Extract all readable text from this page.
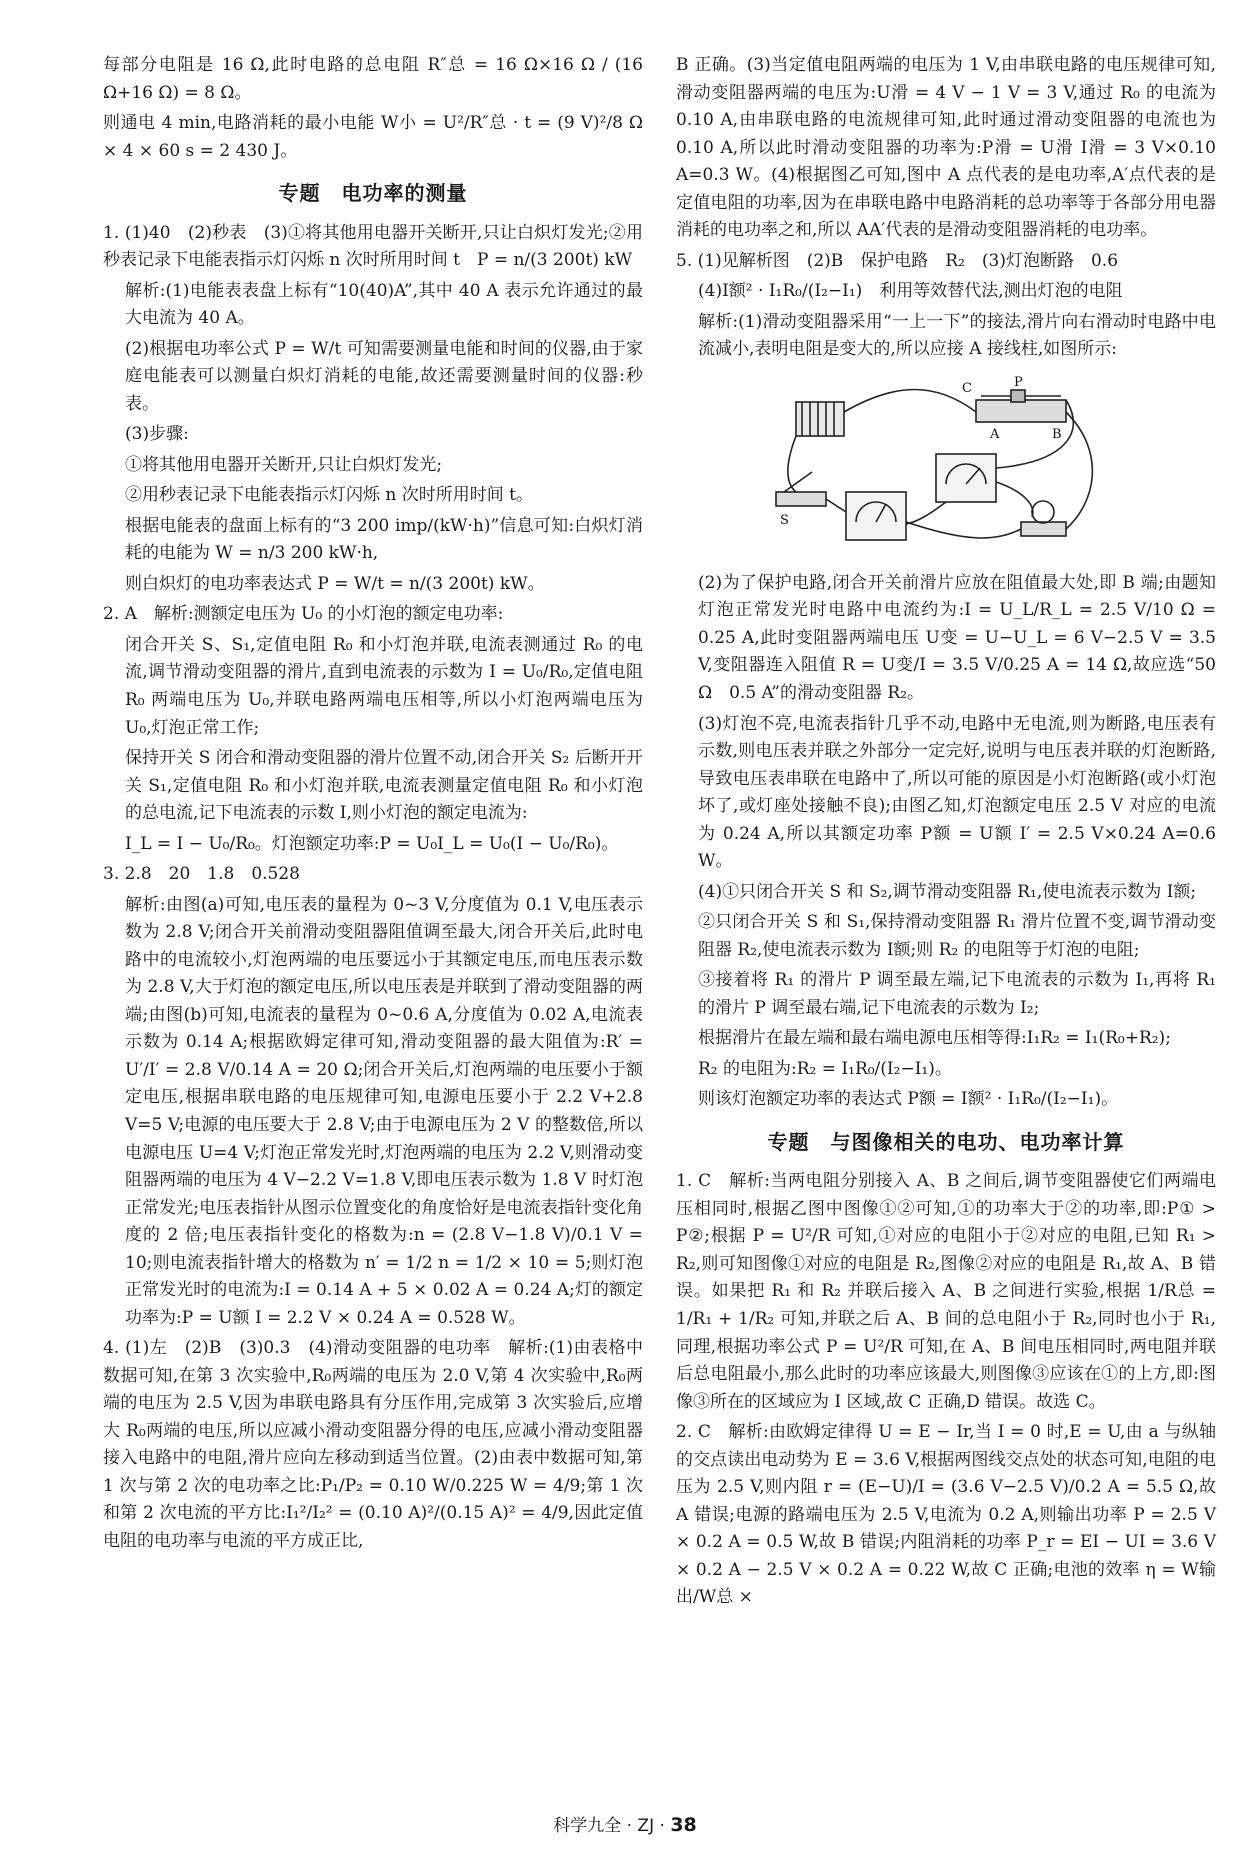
每部分电阻是 16 Ω,此时电路的总电阻 R″总 = 16 Ω×16 Ω / (16 Ω+16 Ω) = 8 Ω。

则通电 4 min,电路消耗的最小电能 W小 = U²/R″总 · t = (9 V)²/8 Ω × 4 × 60 s = 2 430 J。

专题　电功率的测量

1. (1)40　(2)秒表　(3)①将其他用电器开关断开,只让白炽灯发光;②用秒表记录下电能表指示灯闪烁 n 次时所用时间 t　P = n/(3 200t) kW

解析:(1)电能表表盘上标有“10(40)A”,其中 40 A 表示允许通过的最大电流为 40 A。

(2)根据电功率公式 P = W/t 可知需要测量电能和时间的仪器,由于家庭电能表可以测量白炽灯消耗的电能,故还需要测量时间的仪器:秒表。

(3)步骤:

①将其他用电器开关断开,只让白炽灯发光;

②用秒表记录下电能表指示灯闪烁 n 次时所用时间 t。

根据电能表的盘面上标有的“3 200 imp/(kW·h)”信息可知:白炽灯消耗的电能为 W = n/3 200 kW·h,

则白炽灯的电功率表达式 P = W/t = n/(3 200t) kW。

2. A　解析:测额定电压为 U₀ 的小灯泡的额定电功率:

闭合开关 S、S₁,定值电阻 R₀ 和小灯泡并联,电流表测通过 R₀ 的电流,调节滑动变阻器的滑片,直到电流表的示数为 I = U₀/R₀,定值电阻 R₀ 两端电压为 U₀,并联电路两端电压相等,所以小灯泡两端电压为 U₀,灯泡正常工作;

保持开关 S 闭合和滑动变阻器的滑片位置不动,闭合开关 S₂ 后断开开关 S₁,定值电阻 R₀ 和小灯泡并联,电流表测量定值电阻 R₀ 和小灯泡的总电流,记下电流表的示数 I,则小灯泡的额定电流为:

I_L = I − U₀/R₀。灯泡额定功率:P = U₀I_L = U₀(I − U₀/R₀)。

3. 2.8　20　1.8　0.528

解析:由图(a)可知,电压表的量程为 0~3 V,分度值为 0.1 V,电压表示数为 2.8 V;闭合开关前滑动变阻器阻值调至最大,闭合开关后,此时电路中的电流较小,灯泡两端的电压要远小于其额定电压,而电压表示数为 2.8 V,大于灯泡的额定电压,所以电压表是并联到了滑动变阻器的两端;由图(b)可知,电流表的量程为 0~0.6 A,分度值为 0.02 A,电流表示数为 0.14 A;根据欧姆定律可知,滑动变阻器的最大阻值为:R′ = U′/I′ = 2.8 V/0.14 A = 20 Ω;闭合开关后,灯泡两端的电压要小于额定电压,根据串联电路的电压规律可知,电源电压要小于 2.2 V+2.8 V=5 V;电源的电压要大于 2.8 V;由于电源电压为 2 V 的整数倍,所以电源电压 U=4 V;灯泡正常发光时,灯泡两端的电压为 2.2 V,则滑动变阻器两端的电压为 4 V−2.2 V=1.8 V,即电压表示数为 1.8 V 时灯泡正常发光;电压表指针从图示位置变化的角度恰好是电流表指针变化角度的 2 倍;电压表指针变化的格数为:n = (2.8 V−1.8 V)/0.1 V = 10;则电流表指针增大的格数为 n′ = 1/2 n = 1/2 × 10 = 5;则灯泡正常发光时的电流为:I = 0.14 A + 5 × 0.02 A = 0.24 A;灯的额定功率为:P = U额 I = 2.2 V × 0.24 A = 0.528 W。

4. (1)左　(2)B　(3)0.3　(4)滑动变阻器的电功率　解析:(1)由表格中数据可知,在第 3 次实验中,R₀两端的电压为 2.0 V,第 4 次实验中,R₀两端的电压为 2.5 V,因为串联电路具有分压作用,完成第 3 次实验后,应增大 R₀两端的电压,所以应减小滑动变阻器分得的电压,应减小滑动变阻器接入电路中的电阻,滑片应向左移动到适当位置。(2)由表中数据可知,第 1 次与第 2 次的电功率之比:P₁/P₂ = 0.10 W/0.225 W = 4/9;第 1 次和第 2 次电流的平方比:I₁²/I₂² = (0.10 A)²/(0.15 A)² = 4/9,因此定值电阻的电功率与电流的平方成正比,

B 正确。(3)当定值电阻两端的电压为 1 V,由串联电路的电压规律可知,滑动变阻器两端的电压为:U滑 = 4 V − 1 V = 3 V,通过 R₀ 的电流为 0.10 A,由串联电路的电流规律可知,此时通过滑动变阻器的电流也为 0.10 A,所以此时滑动变阻器的功率为:P滑 = U滑 I滑 = 3 V×0.10 A=0.3 W。(4)根据图乙可知,图中 A 点代表的是电功率,A′点代表的是定值电阻的功率,因为在串联电路中电路消耗的总功率等于各部分用电器消耗的电功率之和,所以 AA′代表的是滑动变阻器消耗的电功率。

5. (1)见解析图　(2)B　保护电路　R₂　(3)灯泡断路　0.6

(4)I额² · I₁R₀/(I₂−I₁)　利用等效替代法,测出灯泡的电阻

解析:(1)滑动变阻器采用“一上一下”的接法,滑片向右滑动时电路中电流减小,表明电阻是变大的,所以应接 A 接线柱,如图所示:

C	P
A	B
S

(2)为了保护电路,闭合开关前滑片应放在阻值最大处,即 B 端;由题知灯泡正常发光时电路中电流约为:I = U_L/R_L = 2.5 V/10 Ω = 0.25 A,此时变阻器两端电压 U变 = U−U_L = 6 V−2.5 V = 3.5 V,变阻器连入阻值 R = U变/I = 3.5 V/0.25 A = 14 Ω,故应选“50 Ω　0.5 A”的滑动变阻器 R₂。

(3)灯泡不亮,电流表指针几乎不动,电路中无电流,则为断路,电压表有示数,则电压表并联之外部分一定完好,说明与电压表并联的灯泡断路,导致电压表串联在电路中了,所以可能的原因是小灯泡断路(或小灯泡坏了,或灯座处接触不良);由图乙知,灯泡额定电压 2.5 V 对应的电流为 0.24 A,所以其额定功率 P额 = U额 I′ = 2.5 V×0.24 A=0.6 W。

(4)①只闭合开关 S 和 S₂,调节滑动变阻器 R₁,使电流表示数为 I额;

②只闭合开关 S 和 S₁,保持滑动变阻器 R₁ 滑片位置不变,调节滑动变阻器 R₂,使电流表示数为 I额;则 R₂ 的电阻等于灯泡的电阻;

③接着将 R₁ 的滑片 P 调至最左端,记下电流表的示数为 I₁,再将 R₁ 的滑片 P 调至最右端,记下电流表的示数为 I₂;

根据滑片在最左端和最右端电源电压相等得:I₁R₂ = I₁(R₀+R₂);

R₂ 的电阻为:R₂ = I₁R₀/(I₂−I₁)。

则该灯泡额定功率的表达式 P额 = I额² · I₁R₀/(I₂−I₁)。

专题　与图像相关的电功、电功率计算

1. C　解析:当两电阻分别接入 A、B 之间后,调节变阻器使它们两端电压相同时,根据乙图中图像①②可知,①的功率大于②的功率,即:P① > P②;根据 P = U²/R 可知,①对应的电阻小于②对应的电阻,已知 R₁ > R₂,则可知图像①对应的电阻是 R₂,图像②对应的电阻是 R₁,故 A、B 错误。如果把 R₁ 和 R₂ 并联后接入 A、B 之间进行实验,根据 1/R总 = 1/R₁ + 1/R₂ 可知,并联之后 A、B 间的总电阻小于 R₂,同时也小于 R₁,同理,根据功率公式 P = U²/R 可知,在 A、B 间电压相同时,两电阻并联后总电阻最小,那么此时的功率应该最大,则图像③应该在①的上方,即:图像③所在的区域应为 Ⅰ 区域,故 C 正确,D 错误。故选 C。

2. C　解析:由欧姆定律得 U = E − Ir,当 I = 0 时,E = U,由 a 与纵轴的交点读出电动势为 E = 3.6 V,根据两图线交点处的状态可知,电阻的电压为 2.5 V,则内阻 r = (E−U)/I = (3.6 V−2.5 V)/0.2 A = 5.5 Ω,故 A 错误;电源的路端电压为 2.5 V,电流为 0.2 A,则输出功率 P = 2.5 V × 0.2 A = 0.5 W,故 B 错误;内阻消耗的功率 P_r = EI − UI = 3.6 V × 0.2 A − 2.5 V × 0.2 A = 0.22 W,故 C 正确;电池的效率 η = W输出/W总 ×

科学九全 · ZJ · 38
